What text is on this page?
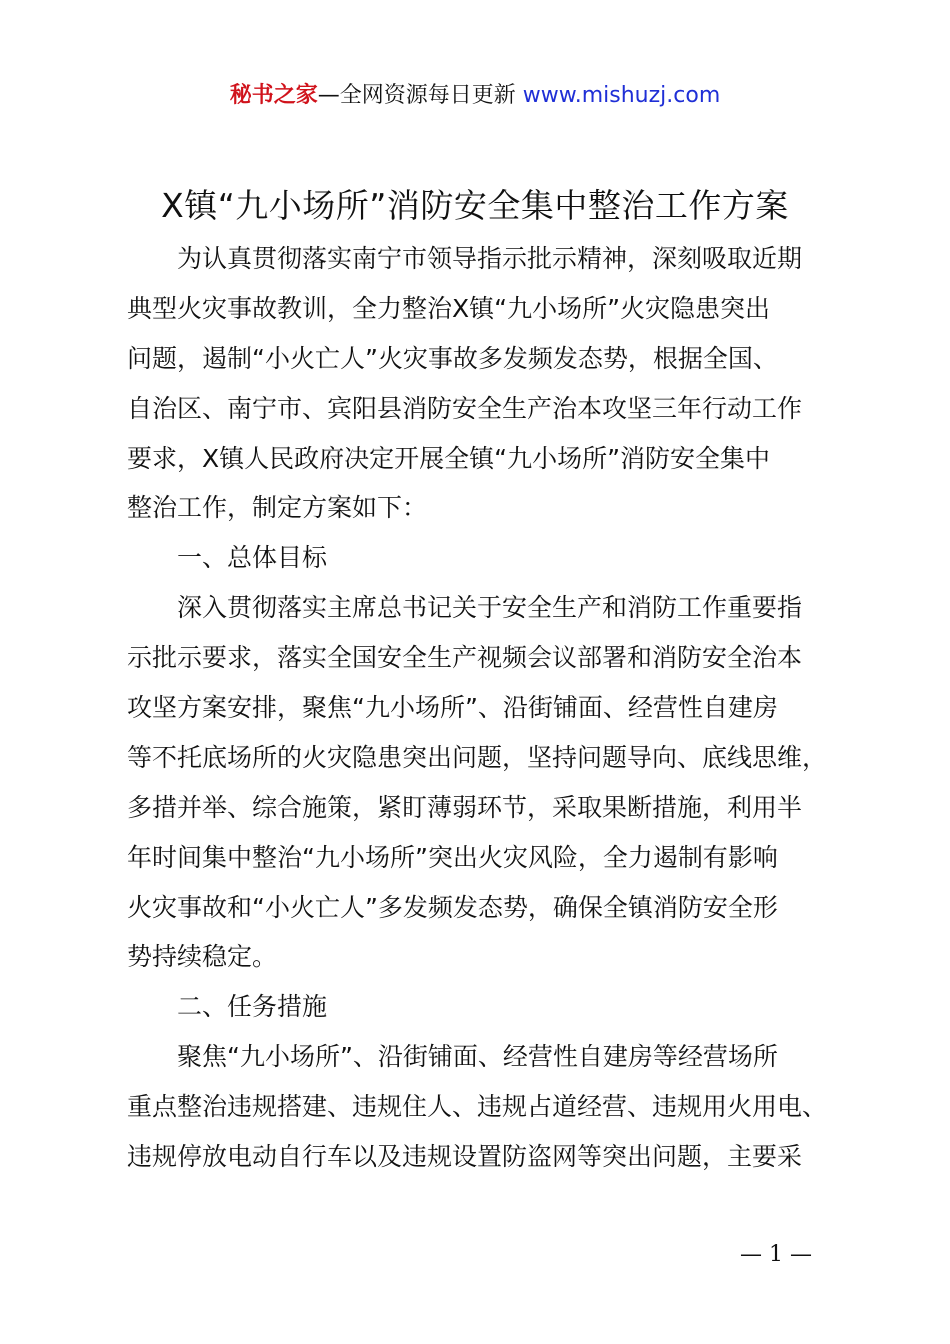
秘书之家—全网资源每日更新 www.mishuzj.com
X镇“九小场所”消防安全集中整治工作方案
为认真贯彻落实南宁市领导指示批示精神，深刻吸取近期
典型火灾事故教训，全力整治X镇“九小场所”火灾隐患突出
问题，遏制“小火亡人”火灾事故多发频发态势，根据全国、
自治区、南宁市、宾阳县消防安全生产治本攻坚三年行动工作
要求，X镇人民政府决定开展全镇“九小场所”消防安全集中
整治工作，制定方案如下：
一、总体目标
深入贯彻落实主席总书记关于安全生产和消防工作重要指
示批示要求，落实全国安全生产视频会议部署和消防安全治本
攻坚方案安排，聚焦“九小场所”、沿街铺面、经营性自建房
等不托底场所的火灾隐患突出问题，坚持问题导向、底线思维，
多措并举、综合施策，紧盯薄弱环节，采取果断措施，利用半
年时间集中整治“九小场所”突出火灾风险，全力遏制有影响
火灾事故和“小火亡人”多发频发态势，确保全镇消防安全形
势持续稳定。
二、任务措施
聚焦“九小场所”、沿街铺面、经营性自建房等经营场所
重点整治违规搭建、违规住人、违规占道经营、违规用火用电、
违规停放电动自行车以及违规设置防盗网等突出问题，主要采
— 1 —
